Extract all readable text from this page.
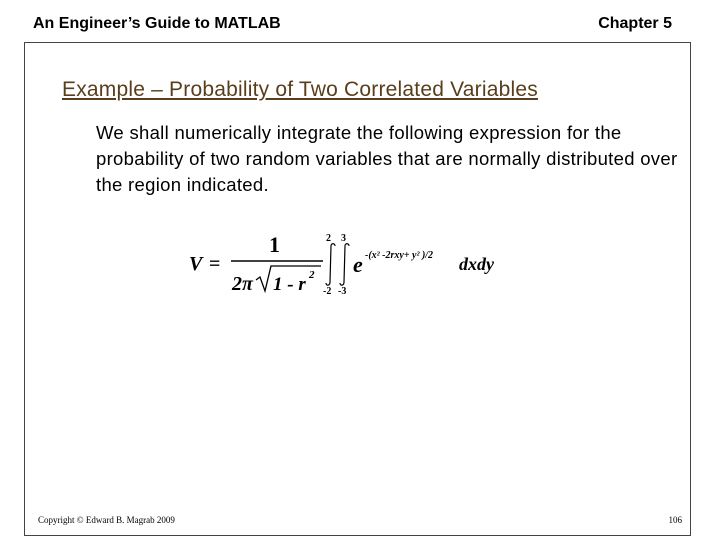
An Engineer’s Guide to MATLAB	Chapter 5
Example – Probability of Two Correlated Variables
We shall numerically integrate the following expression for the probability of two random variables that are normally distributed over the region indicated.
V =
1
2π 1 - r 2
2 3
-2 -3
e -(x² -2rxy+ y² )/2 dxdy
Copyright © Edward B. Magrab 2009	106
